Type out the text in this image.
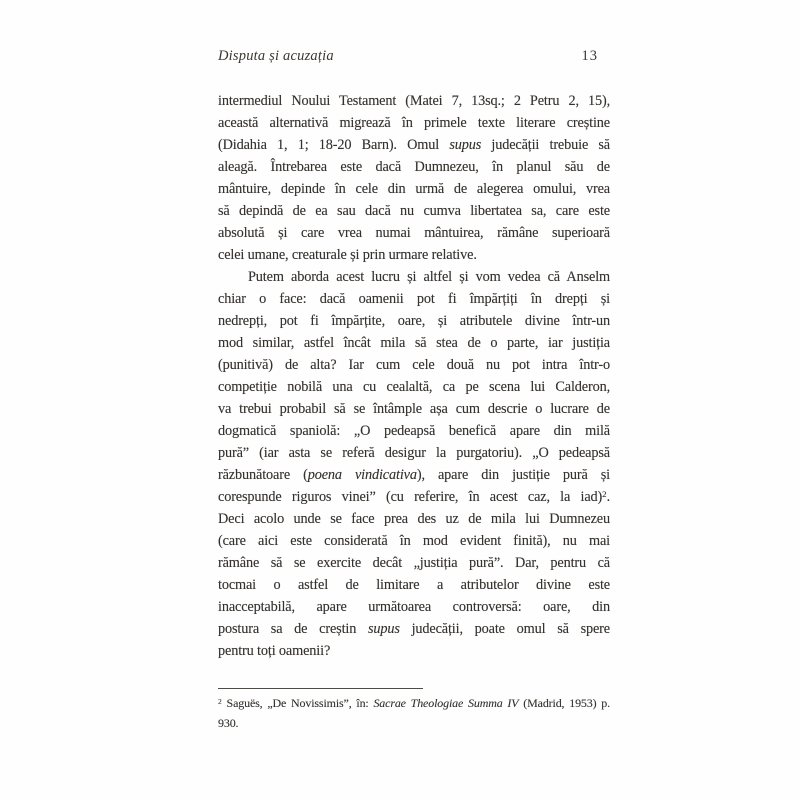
Disputa și acuzația	13
intermediul Noului Testament (Matei 7, 13sq.; 2 Petru 2, 15),
această alternativă migrează în primele texte literare creștine
(Didahia 1, 1; 18-20 Barn). Omul supus judecății trebuie să
aleagă. Întrebarea este dacă Dumnezeu, în planul său de
mântuire, depinde în cele din urmă de alegerea omului, vrea
să depindă de ea sau dacă nu cumva libertatea sa, care este
absolută și care vrea numai mântuirea, rămâne superioară
celei umane, creaturale și prin urmare relative.
Putem aborda acest lucru și altfel și vom vedea că Anselm
chiar o face: dacă oamenii pot fi împărțiți în drepți și
nedrepți, pot fi împărțite, oare, și atributele divine într-un
mod similar, astfel încât mila să stea de o parte, iar justiția
(punitivă) de alta? Iar cum cele două nu pot intra într-o
competiție nobilă una cu cealaltă, ca pe scena lui Calderon,
va trebui probabil să se întâmple așa cum descrie o lucrare de
dogmatică spaniolă: „O pedeapsă benefică apare din milă
pură” (iar asta se referă desigur la purgatoriu). „O pedeapsă
răzbunătoare (poena vindicativa), apare din justiție pură și
corespunde riguros vinei” (cu referire, în acest caz, la iad)$^2$.
Deci acolo unde se face prea des uz de mila lui Dumnezeu
(care aici este considerată în mod evident finită), nu mai
rămâne să se exercite decât „justiția pură”. Dar, pentru că
tocmai o astfel de limitare a atributelor divine este
inacceptabilă, apare următoarea controversă: oare, din
postura sa de creștin supus judecății, poate omul să spere
pentru toți oamenii?
$^2$ Saguës, „De Novissimis”, în: Sacrae Theologiae Summa IV (Madrid, 1953) p.
930.
